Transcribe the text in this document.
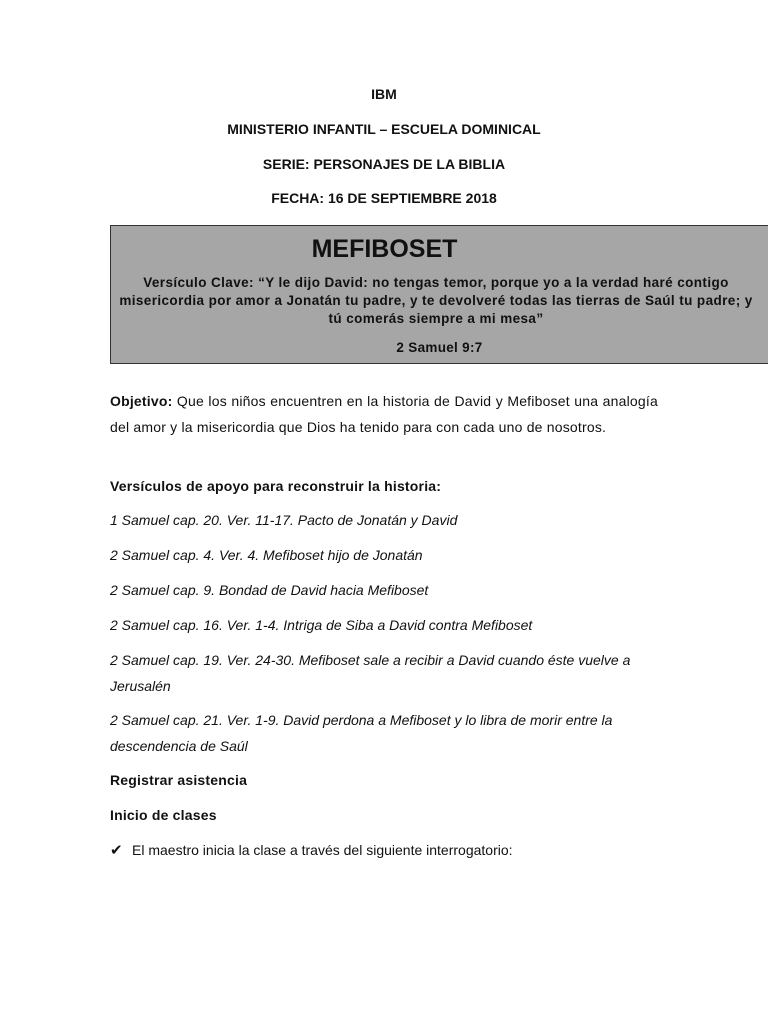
IBM
MINISTERIO INFANTIL – ESCUELA DOMINICAL
SERIE: PERSONAJES DE LA BIBLIA
FECHA: 16 DE SEPTIEMBRE 2018
MEFIBOSET
Versículo Clave: “Y le dijo David: no tengas temor, porque yo a la verdad haré contigo misericordia por amor a Jonatán tu padre, y te devolveré todas las tierras de Saúl tu padre; y tú comerás siempre a mi mesa”
2 Samuel 9:7
Objetivo: Que los niños encuentren en la historia de David y Mefiboset una analogía del amor y la misericordia que Dios ha tenido para con cada uno de nosotros.
Versículos de apoyo para reconstruir la historia:
1 Samuel cap. 20. Ver. 11-17. Pacto de Jonatán y David
2 Samuel cap. 4. Ver. 4. Mefiboset hijo de Jonatán
2 Samuel cap. 9. Bondad de David hacia Mefiboset
2 Samuel cap. 16. Ver. 1-4. Intriga de Siba a David contra Mefiboset
2 Samuel cap. 19. Ver. 24-30. Mefiboset sale a recibir a David cuando éste vuelve a Jerusalén
2 Samuel cap. 21. Ver. 1-9. David perdona a Mefiboset y lo libra de morir entre la descendencia de Saúl
Registrar asistencia
Inicio de clases
✔ El maestro inicia la clase a través del siguiente interrogatorio:
